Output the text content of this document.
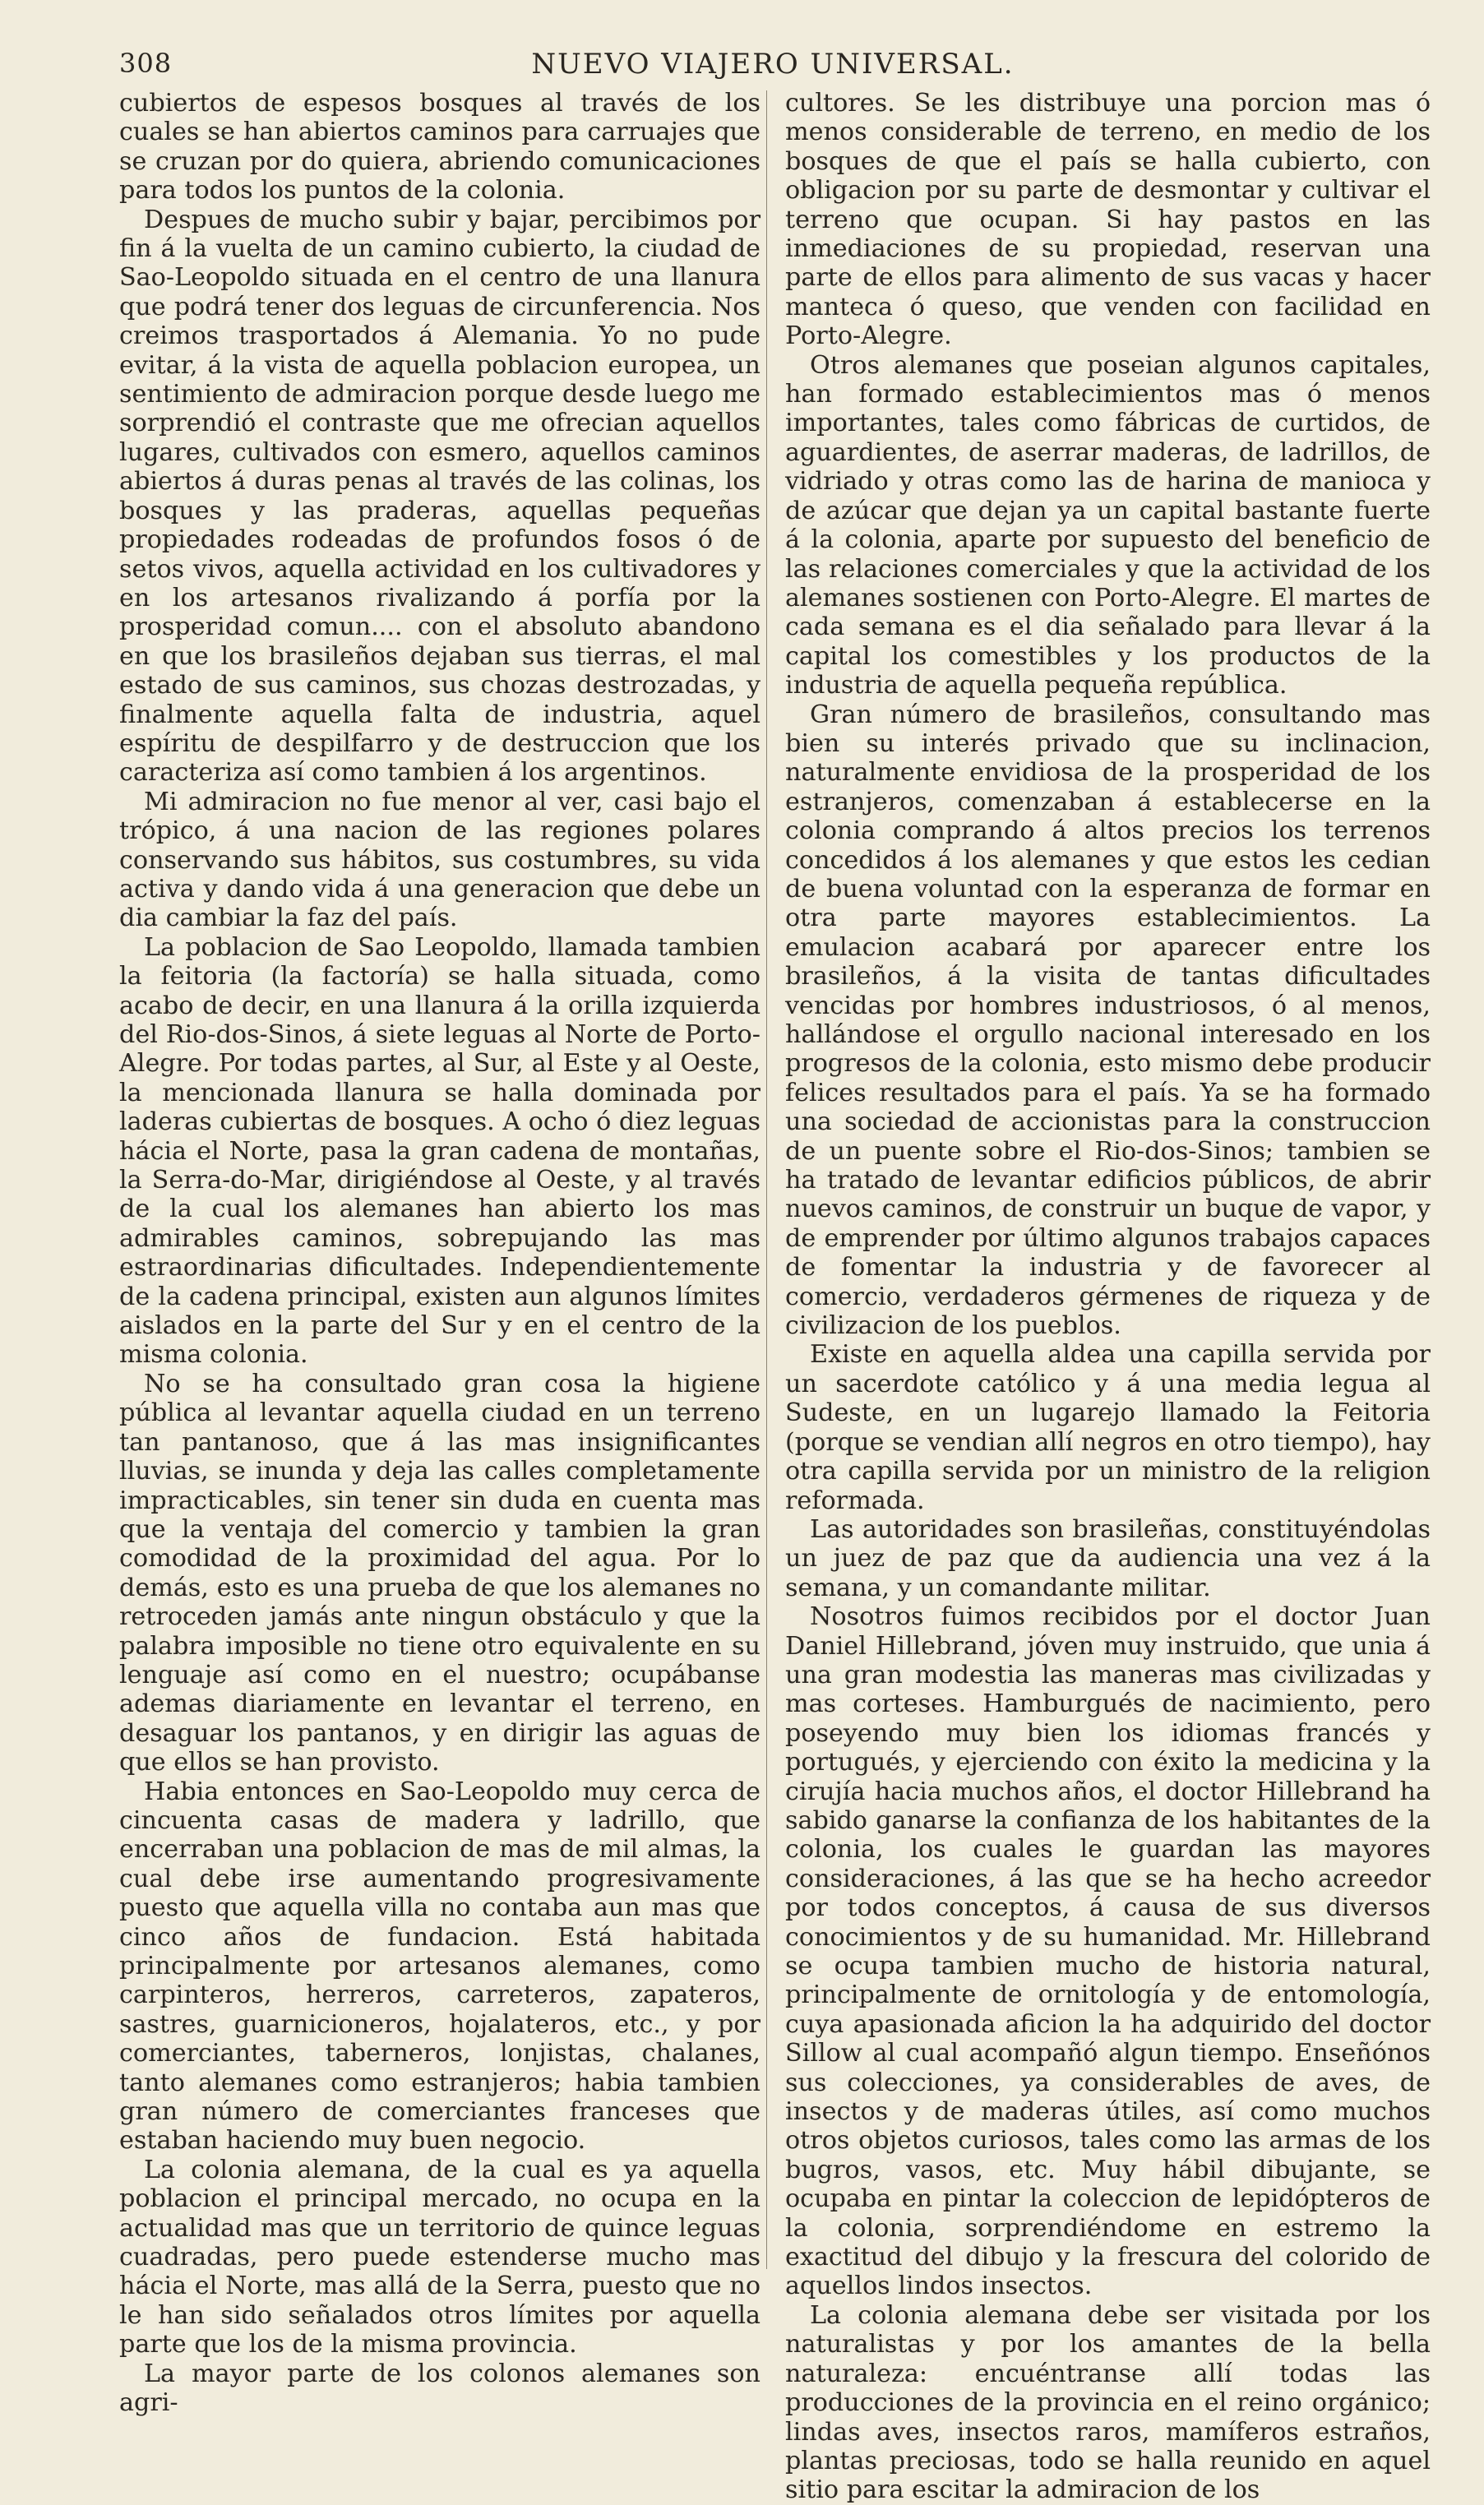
308	NUEVO VIAJERO UNIVERSAL.

cubiertos de espesos bosques al través de los cuales se han abiertos caminos para carruajes que se cruzan por do quiera, abriendo comunicaciones para todos los puntos de la colonia.

Despues de mucho subir y bajar, percibimos por fin á la vuelta de un camino cubierto, la ciudad de Sao-Leopoldo situada en el centro de una llanura que podrá tener dos leguas de circunferencia. Nos creimos trasportados á Alemania. Yo no pude evitar, á la vista de aquella poblacion europea, un sentimiento de admiracion porque desde luego me sorprendió el contraste que me ofrecian aquellos lugares, cultivados con esmero, aquellos caminos abiertos á duras penas al través de las colinas, los bosques y las praderas, aquellas pequeñas propiedades rodeadas de profundos fosos ó de setos vivos, aquella actividad en los cultivadores y en los artesanos rivalizando á porfía por la prosperidad comun.... con el absoluto abandono en que los brasileños dejaban sus tierras, el mal estado de sus caminos, sus chozas destrozadas, y finalmente aquella falta de industria, aquel espíritu de despilfarro y de destruccion que los caracteriza así como tambien á los argentinos.

Mi admiracion no fue menor al ver, casi bajo el trópico, á una nacion de las regiones polares conservando sus hábitos, sus costumbres, su vida activa y dando vida á una generacion que debe un dia cambiar la faz del país.

La poblacion de Sao Leopoldo, llamada tambien la feitoria (la factoría) se halla situada, como acabo de decir, en una llanura á la orilla izquierda del Rio-dos-Sinos, á siete leguas al Norte de Porto-Alegre. Por todas partes, al Sur, al Este y al Oeste, la mencionada llanura se halla dominada por laderas cubiertas de bosques. A ocho ó diez leguas hácia el Norte, pasa la gran cadena de montañas, la Serra-do-Mar, dirigiéndose al Oeste, y al través de la cual los alemanes han abierto los mas admirables caminos, sobrepujando las mas estraordinarias dificultades. Independientemente de la cadena principal, existen aun algunos límites aislados en la parte del Sur y en el centro de la misma colonia.

No se ha consultado gran cosa la higiene pública al levantar aquella ciudad en un terreno tan pantanoso, que á las mas insignificantes lluvias, se inunda y deja las calles completamente impracticables, sin tener sin duda en cuenta mas que la ventaja del comercio y tambien la gran comodidad de la proximidad del agua. Por lo demás, esto es una prueba de que los alemanes no retroceden jamás ante ningun obstáculo y que la palabra imposible no tiene otro equivalente en su lenguaje así como en el nuestro; ocupábanse ademas diariamente en levantar el terreno, en desaguar los pantanos, y en dirigir las aguas de que ellos se han provisto.

Habia entonces en Sao-Leopoldo muy cerca de cincuenta casas de madera y ladrillo, que encerraban una poblacion de mas de mil almas, la cual debe irse aumentando progresivamente puesto que aquella villa no contaba aun mas que cinco años de fundacion. Está habitada principalmente por artesanos alemanes, como carpinteros, herreros, carreteros, zapateros, sastres, guarnicioneros, hojalateros, etc., y por comerciantes, taberneros, lonjistas, chalanes, tanto alemanes como estranjeros; habia tambien gran número de comerciantes franceses que estaban haciendo muy buen negocio.

La colonia alemana, de la cual es ya aquella poblacion el principal mercado, no ocupa en la actualidad mas que un territorio de quince leguas cuadradas, pero puede estenderse mucho mas hácia el Norte, mas allá de la Serra, puesto que no le han sido señalados otros límites por aquella parte que los de la misma provincia.

La mayor parte de los colonos alemanes son agri-

cultores. Se les distribuye una porcion mas ó menos considerable de terreno, en medio de los bosques de que el país se halla cubierto, con obligacion por su parte de desmontar y cultivar el terreno que ocupan. Si hay pastos en las inmediaciones de su propiedad, reservan una parte de ellos para alimento de sus vacas y hacer manteca ó queso, que venden con facilidad en Porto-Alegre.

Otros alemanes que poseian algunos capitales, han formado establecimientos mas ó menos importantes, tales como fábricas de curtidos, de aguardientes, de aserrar maderas, de ladrillos, de vidriado y otras como las de harina de manioca y de azúcar que dejan ya un capital bastante fuerte á la colonia, aparte por supuesto del beneficio de las relaciones comerciales y que la actividad de los alemanes sostienen con Porto-Alegre. El martes de cada semana es el dia señalado para llevar á la capital los comestibles y los productos de la industria de aquella pequeña república.

Gran número de brasileños, consultando mas bien su interés privado que su inclinacion, naturalmente envidiosa de la prosperidad de los estranjeros, comenzaban á establecerse en la colonia comprando á altos precios los terrenos concedidos á los alemanes y que estos les cedian de buena voluntad con la esperanza de formar en otra parte mayores establecimientos. La emulacion acabará por aparecer entre los brasileños, á la visita de tantas dificultades vencidas por hombres industriosos, ó al menos, hallándose el orgullo nacional interesado en los progresos de la colonia, esto mismo debe producir felices resultados para el país. Ya se ha formado una sociedad de accionistas para la construccion de un puente sobre el Rio-dos-Sinos; tambien se ha tratado de levantar edificios públicos, de abrir nuevos caminos, de construir un buque de vapor, y de emprender por último algunos trabajos capaces de fomentar la industria y de favorecer al comercio, verdaderos gérmenes de riqueza y de civilizacion de los pueblos.

Existe en aquella aldea una capilla servida por un sacerdote católico y á una media legua al Sudeste, en un lugarejo llamado la Feitoria (porque se vendian allí negros en otro tiempo), hay otra capilla servida por un ministro de la religion reformada.

Las autoridades son brasileñas, constituyéndolas un juez de paz que da audiencia una vez á la semana, y un comandante militar.

Nosotros fuimos recibidos por el doctor Juan Daniel Hillebrand, jóven muy instruido, que unia á una gran modestia las maneras mas civilizadas y mas corteses. Hamburgués de nacimiento, pero poseyendo muy bien los idiomas francés y portugués, y ejerciendo con éxito la medicina y la cirujía hacia muchos años, el doctor Hillebrand ha sabido ganarse la confianza de los habitantes de la colonia, los cuales le guardan las mayores consideraciones, á las que se ha hecho acreedor por todos conceptos, á causa de sus diversos conocimientos y de su humanidad. Mr. Hillebrand se ocupa tambien mucho de historia natural, principalmente de ornitología y de entomología, cuya apasionada aficion la ha adquirido del doctor Sillow al cual acompañó algun tiempo. Enseñónos sus colecciones, ya considerables de aves, de insectos y de maderas útiles, así como muchos otros objetos curiosos, tales como las armas de los bugros, vasos, etc. Muy hábil dibujante, se ocupaba en pintar la coleccion de lepidópteros de la colonia, sorprendiéndome en estremo la exactitud del dibujo y la frescura del colorido de aquellos lindos insectos.

La colonia alemana debe ser visitada por los naturalistas y por los amantes de la bella naturaleza: encuéntranse allí todas las producciones de la provincia en el reino orgánico; lindas aves, insectos raros, mamíferos estraños, plantas preciosas, todo se halla reunido en aquel sitio para escitar la admiracion de los
